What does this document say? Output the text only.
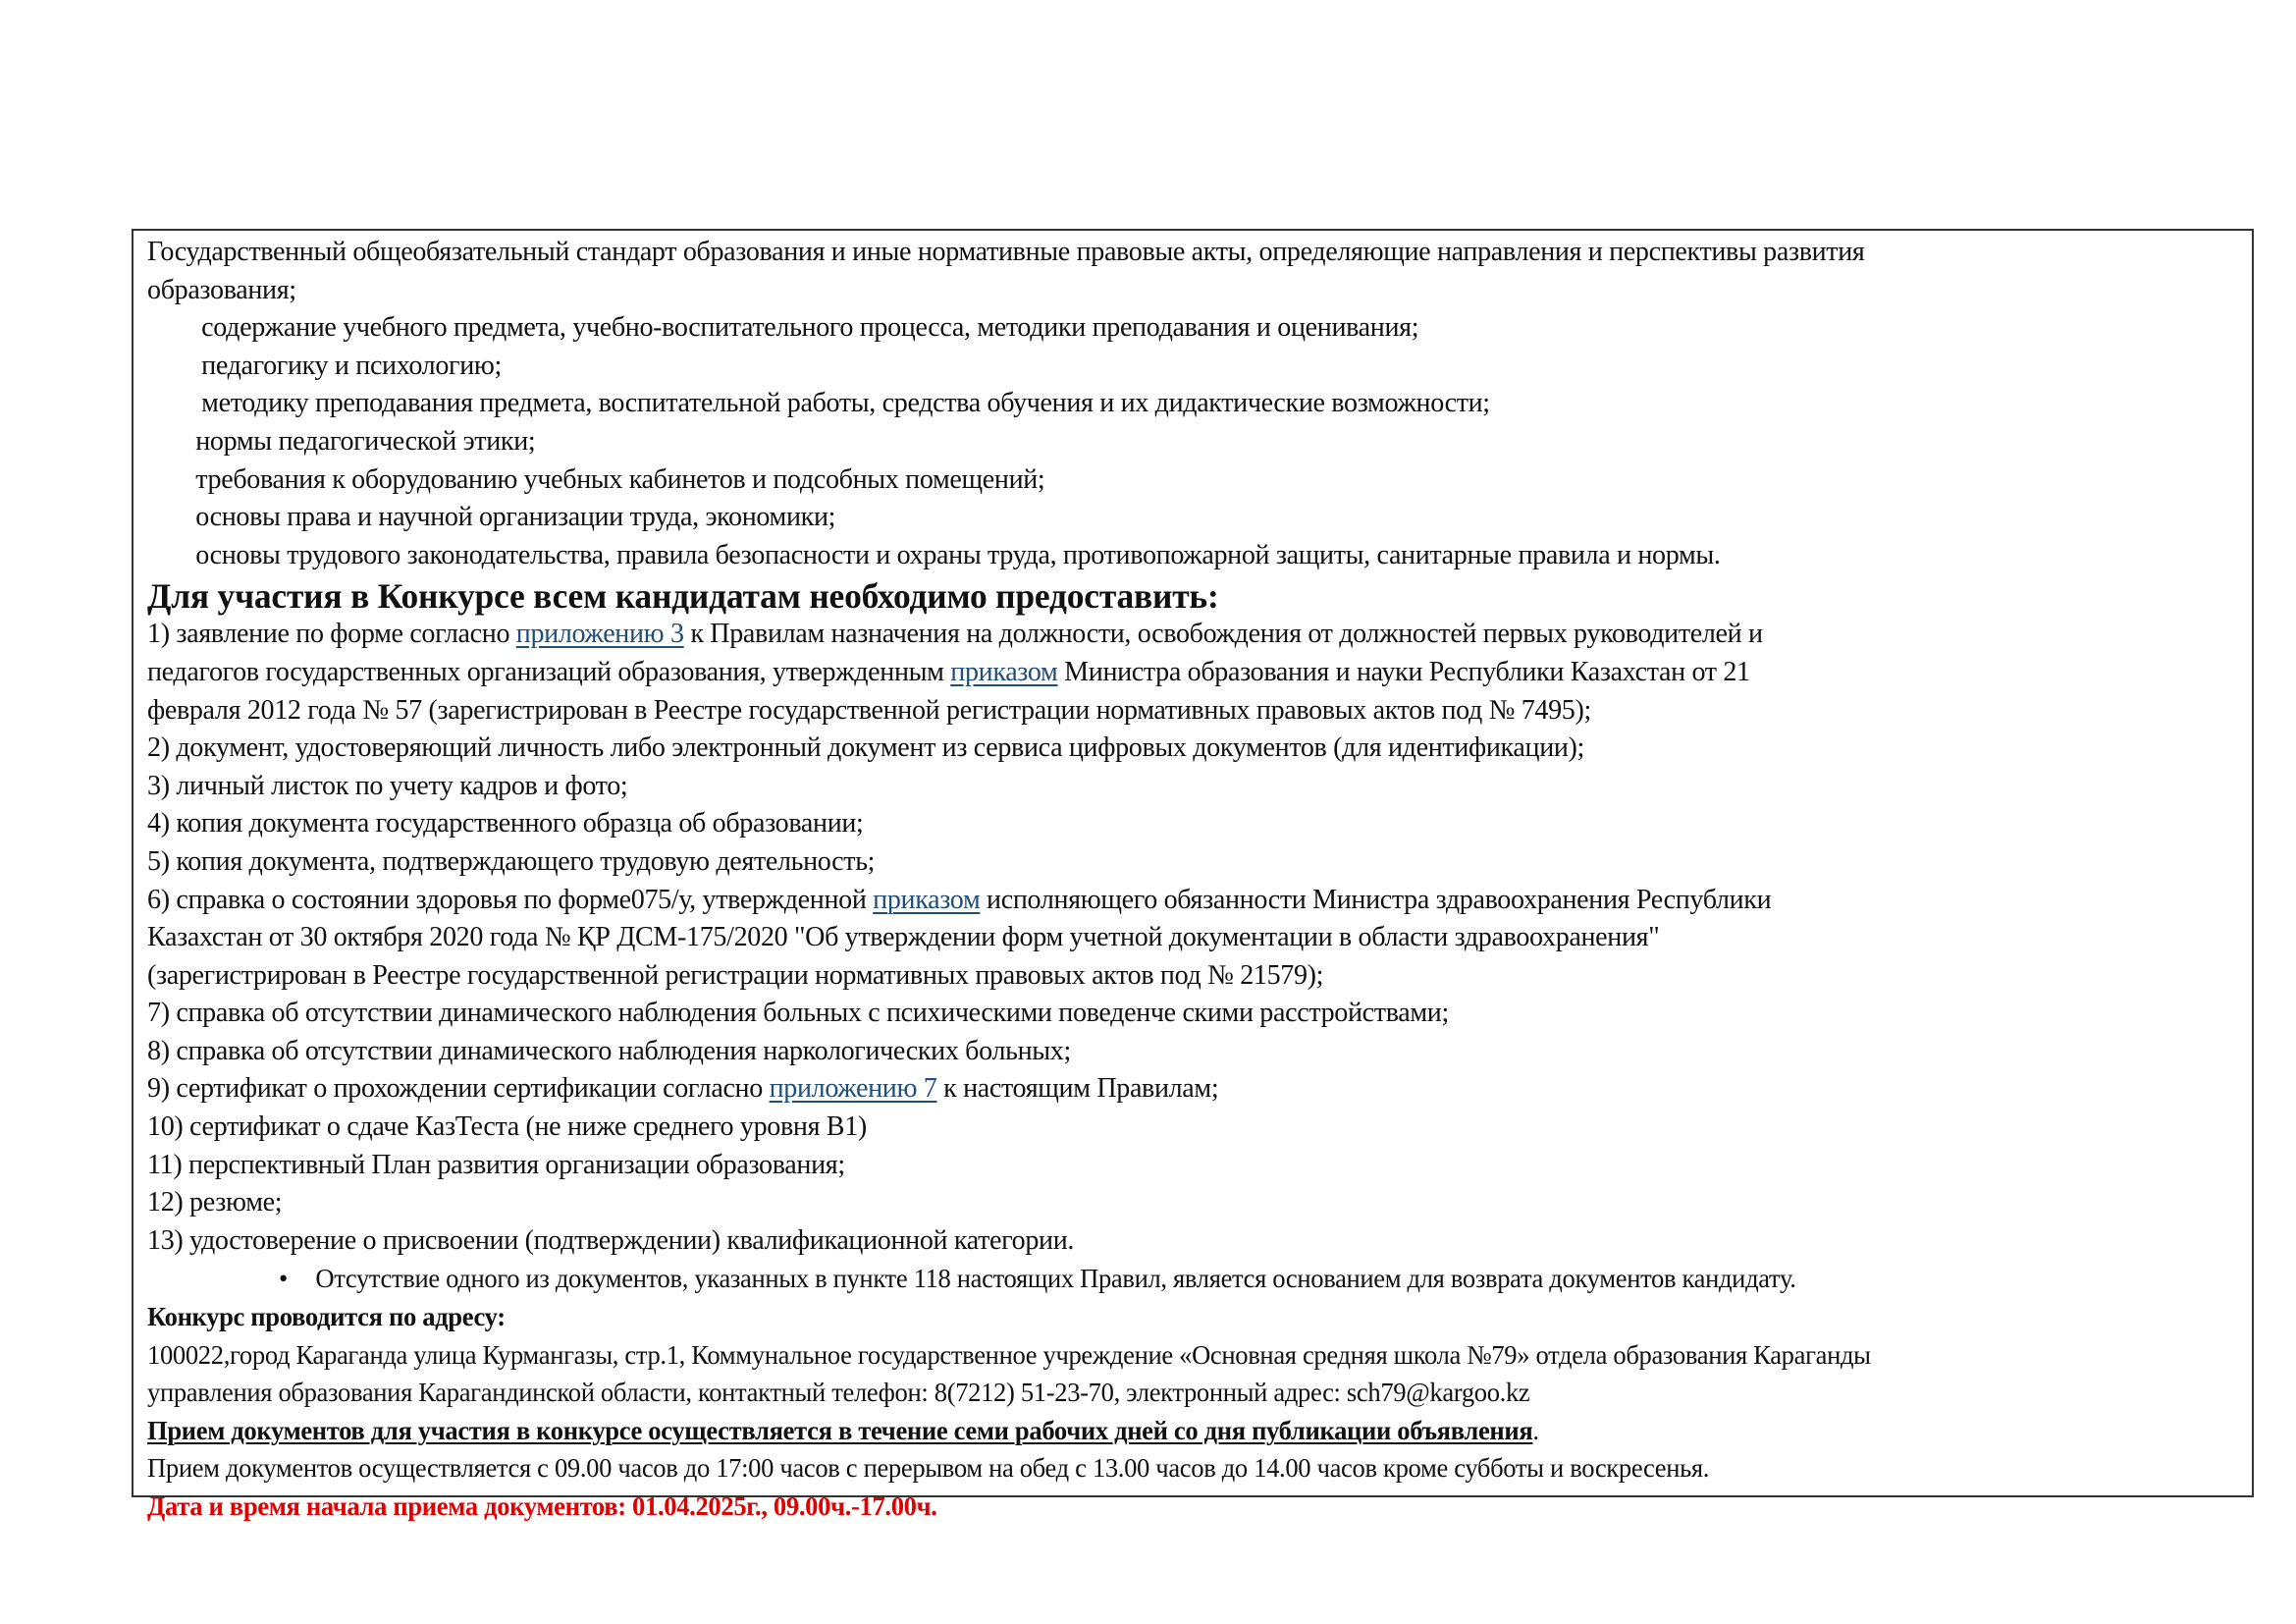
Государственный общеобязательный стандарт образования и иные нормативные правовые акты, определяющие направления и перспективы развития
образования;
содержание учебного предмета, учебно-воспитательного процесса, методики преподавания и оценивания;
педагогику и психологию;
методику преподавания предмета, воспитательной работы, средства обучения и их дидактические возможности;
нормы педагогической этики;
требования к оборудованию учебных кабинетов и подсобных помещений;
основы права и научной организации труда, экономики;
основы трудового законодательства, правила безопасности и охраны труда, противопожарной защиты, санитарные правила и нормы.
Для участия в Конкурсе всем кандидатам необходимо предоставить:
1) заявление по форме согласно приложению 3 к Правилам назначения на должности, освобождения от должностей первых руководителей и
педагогов государственных организаций образования, утвержденным приказом Министра образования и науки Республики Казахстан от 21
февраля 2012 года № 57 (зарегистрирован в Реестре государственной регистрации нормативных правовых актов под № 7495);
2) документ, удостоверяющий личность либо электронный документ из сервиса цифровых документов (для идентификации);
3) личный листок по учету кадров и фото;
4) копия документа государственного образца об образовании;
5) копия документа, подтверждающего трудовую деятельность;
6) справка о состоянии здоровья по форме075/у, утвержденной приказом исполняющего обязанности Министра здравоохранения Республики
Казахстан от 30 октября 2020 года № ҚР ДСМ-175/2020 "Об утверждении форм учетной документации в области здравоохранения"
(зарегистрирован в Реестре государственной регистрации нормативных правовых актов под № 21579);
7) справка об отсутствии динамического наблюдения больных с психическими поведенче скими расстройствами;
8) справка об отсутствии динамического наблюдения наркологических больных;
9) сертификат о прохождении сертификации согласно приложению 7 к настоящим Правилам;
10) сертификат о сдаче КазТеста (не ниже среднего уровня В1)
11) перспективный План развития организации образования;
12) резюме;
13) удостоверение о присвоении (подтверждении) квалификационной категории.
• Отсутствие одного из документов, указанных в пункте 118 настоящих Правил, является основанием для возврата документов кандидату.
Конкурс проводится по адресу:
100022,город Караганда улица Курмангазы, стр.1, Коммунальное государственное учреждение «Основная средняя школа №79» отдела образования Караганды
управления образования Карагандинской области, контактный телефон: 8(7212) 51-23-70, электронный адрес: sch79@kargoo.kz
Прием документов для участия в конкурсе осуществляется в течение семи рабочих дней со дня публикации объявления.
Прием документов осуществляется с 09.00 часов до 17:00 часов с перерывом на обед с 13.00 часов до 14.00 часов кроме субботы и воскресенья.
Дата и время начала приема документов: 01.04.2025г., 09.00ч.-17.00ч.
